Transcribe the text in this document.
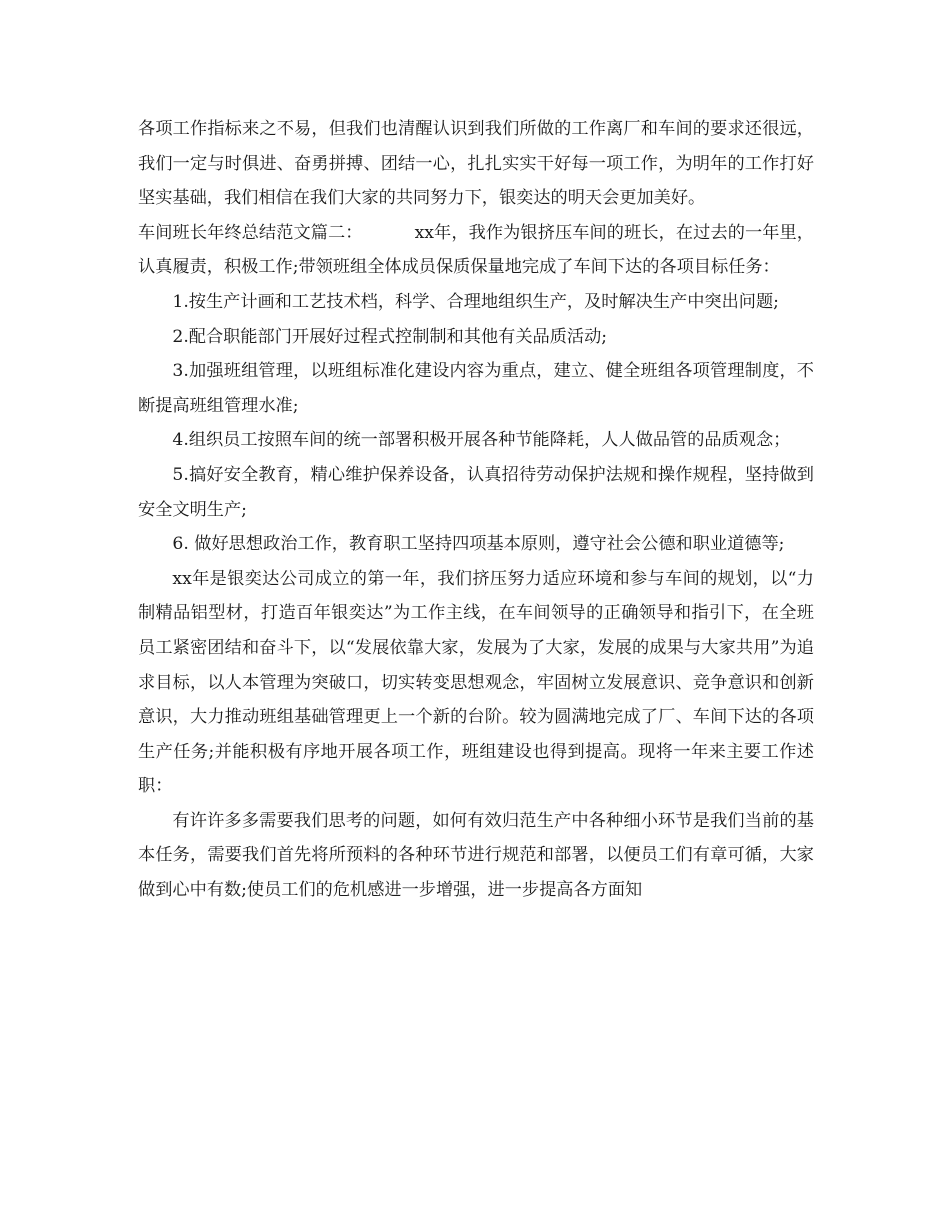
各项工作指标来之不易，但我们也清醒认识到我们所做的工作离厂和车间的要求还很远，我们一定与时俱进、奋勇拼搏、团结一心，扎扎实实干好每一项工作，为明年的工作打好坚实基础，我们相信在我们大家的共同努力下，银奕达的明天会更加美好。

车间班长年终总结范文篇二：	xx年，我作为银挤压车间的班长，在过去的一年里，认真履责，积极工作;带领班组全体成员保质保量地完成了车间下达的各项目标任务：

1.按生产计画和工艺技术档，科学、合理地组织生产，及时解决生产中突出问题;

2.配合职能部门开展好过程式控制制和其他有关品质活动;

3.加强班组管理，以班组标准化建设内容为重点，建立、健全班组各项管理制度，不断提高班组管理水准;

4.组织员工按照车间的统一部署积极开展各种节能降耗，人人做品管的品质观念；

5.搞好安全教育，精心维护保养设备，认真招待劳动保护法规和操作规程，坚持做到安全文明生产;

6. 做好思想政治工作，教育职工坚持四项基本原则，遵守社会公德和职业道德等;

xx年是银奕达公司成立的第一年，我们挤压努力适应环境和参与车间的规划，以“力制精品铝型材，打造百年银奕达”为工作主线，在车间领导的正确领导和指引下，在全班员工紧密团结和奋斗下，以“发展依靠大家，发展为了大家，发展的成果与大家共用”为追求目标，以人本管理为突破口，切实转变思想观念，牢固树立发展意识、竞争意识和创新意识，大力推动班组基础管理更上一个新的台阶。较为圆满地完成了厂、车间下达的各项生产任务;并能积极有序地开展各项工作，班组建设也得到提高。现将一年来主要工作述职：

有许许多多需要我们思考的问题，如何有效归范生产中各种细小环节是我们当前的基本任务，需要我们首先将所预料的各种环节进行规范和部署，以便员工们有章可循，大家做到心中有数;使员工们的危机感进一步增强，进一步提高各方面知
